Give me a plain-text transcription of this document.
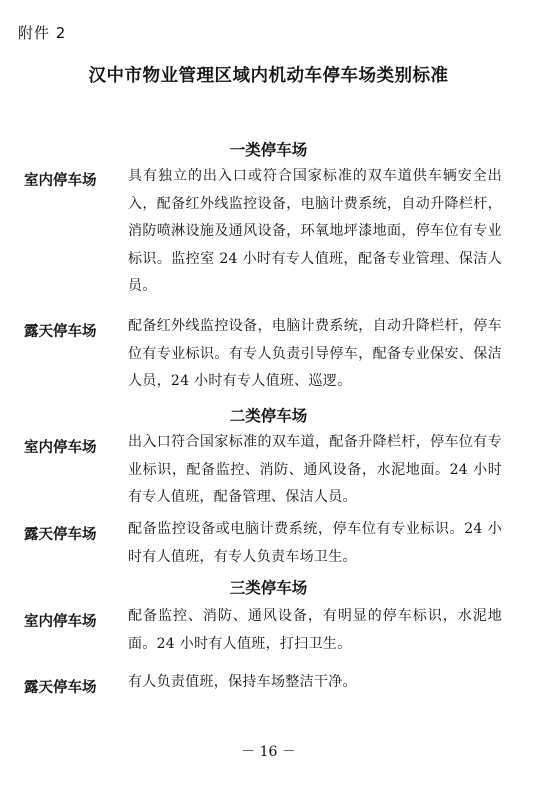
附件 2
汉中市物业管理区域内机动车停车场类别标准
一类停车场
室内停车场 具有独立的出入口或符合国家标准的双车道供车辆安全出入，配备红外线监控设备，电脑计费系统，自动升降栏杆，消防喷淋设施及通风设备，环氧地坪漆地面，停车位有专业标识。监控室 24 小时有专人值班，配备专业管理、保洁人员。
露天停车场 配备红外线监控设备，电脑计费系统，自动升降栏杆，停车位有专业标识。有专人负责引导停车，配备专业保安、保洁人员，24 小时有专人值班、巡逻。
二类停车场
室内停车场 出入口符合国家标准的双车道，配备升降栏杆，停车位有专业标识，配备监控、消防、通风设备，水泥地面。24 小时有专人值班，配备管理、保洁人员。
露天停车场 配备监控设备或电脑计费系统，停车位有专业标识。24 小时有人值班，有专人负责车场卫生。
三类停车场
室内停车场 配备监控、消防、通风设备，有明显的停车标识，水泥地面。24 小时有人值班，打扫卫生。
露天停车场 有人负责值班，保持车场整洁干净。
－ 16 －
